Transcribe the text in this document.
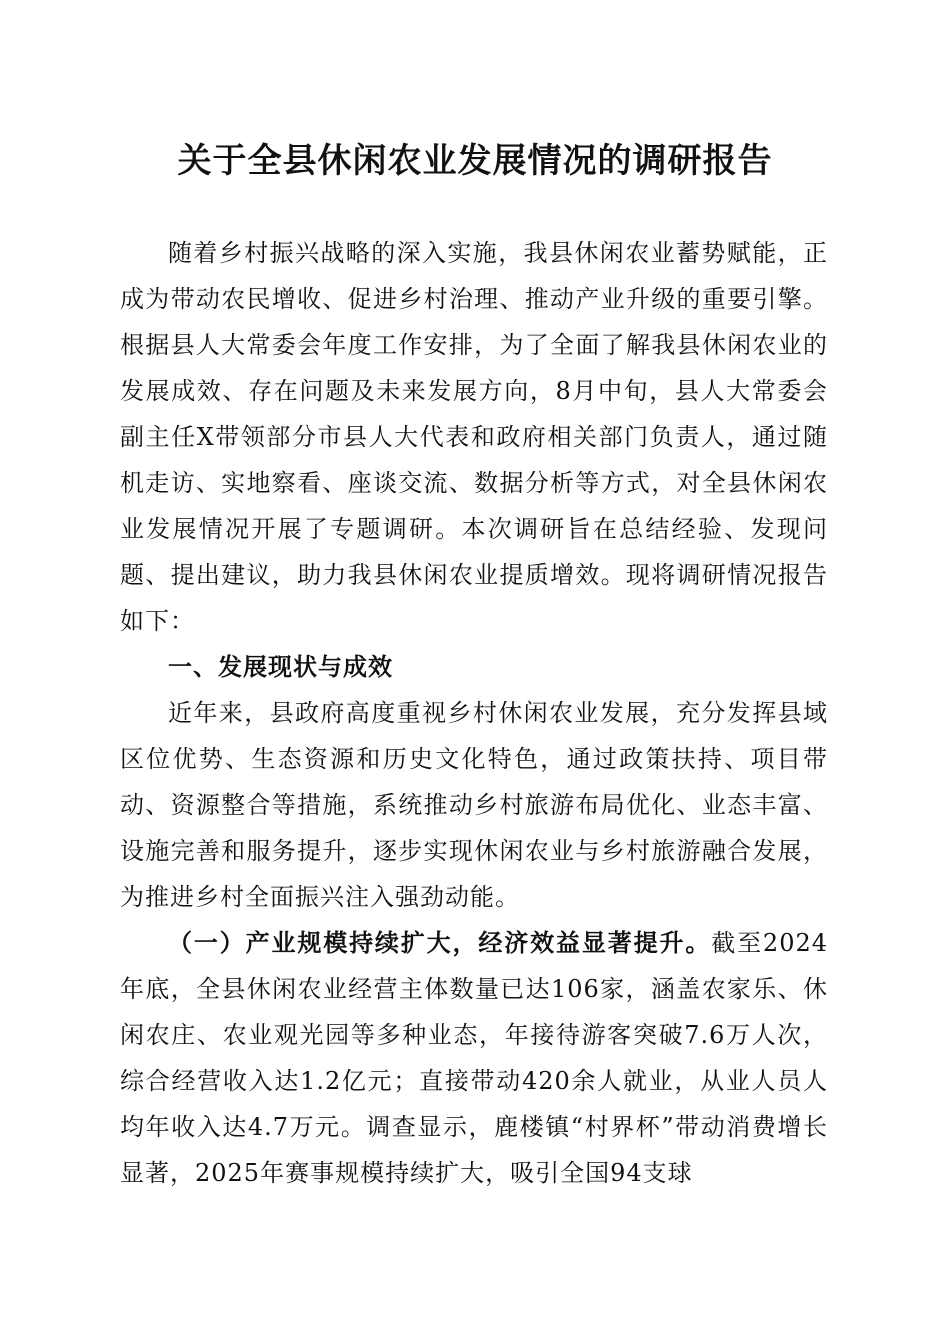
关于全县休闲农业发展情况的调研报告

随着乡村振兴战略的深入实施，我县休闲农业蓄势赋能，正成为带动农民增收、促进乡村治理、推动产业升级的重要引擎。根据县人大常委会年度工作安排，为了全面了解我县休闲农业的发展成效、存在问题及未来发展方向，8月中旬，县人大常委会副主任X带领部分市县人大代表和政府相关部门负责人，通过随机走访、实地察看、座谈交流、数据分析等方式，对全县休闲农业发展情况开展了专题调研。本次调研旨在总结经验、发现问题、提出建议，助力我县休闲农业提质增效。现将调研情况报告如下：

一、发展现状与成效

近年来，县政府高度重视乡村休闲农业发展，充分发挥县域区位优势、生态资源和历史文化特色，通过政策扶持、项目带动、资源整合等措施，系统推动乡村旅游布局优化、业态丰富、设施完善和服务提升，逐步实现休闲农业与乡村旅游融合发展，为推进乡村全面振兴注入强劲动能。

（一）产业规模持续扩大，经济效益显著提升。截至2024年底，全县休闲农业经营主体数量已达106家，涵盖农家乐、休闲农庄、农业观光园等多种业态，年接待游客突破7.6万人次，综合经营收入达1.2亿元；直接带动420余人就业，从业人员人均年收入达4.7万元。调查显示，鹿楼镇“村界杯”带动消费增长显著，2025年赛事规模持续扩大，吸引全国94支球
